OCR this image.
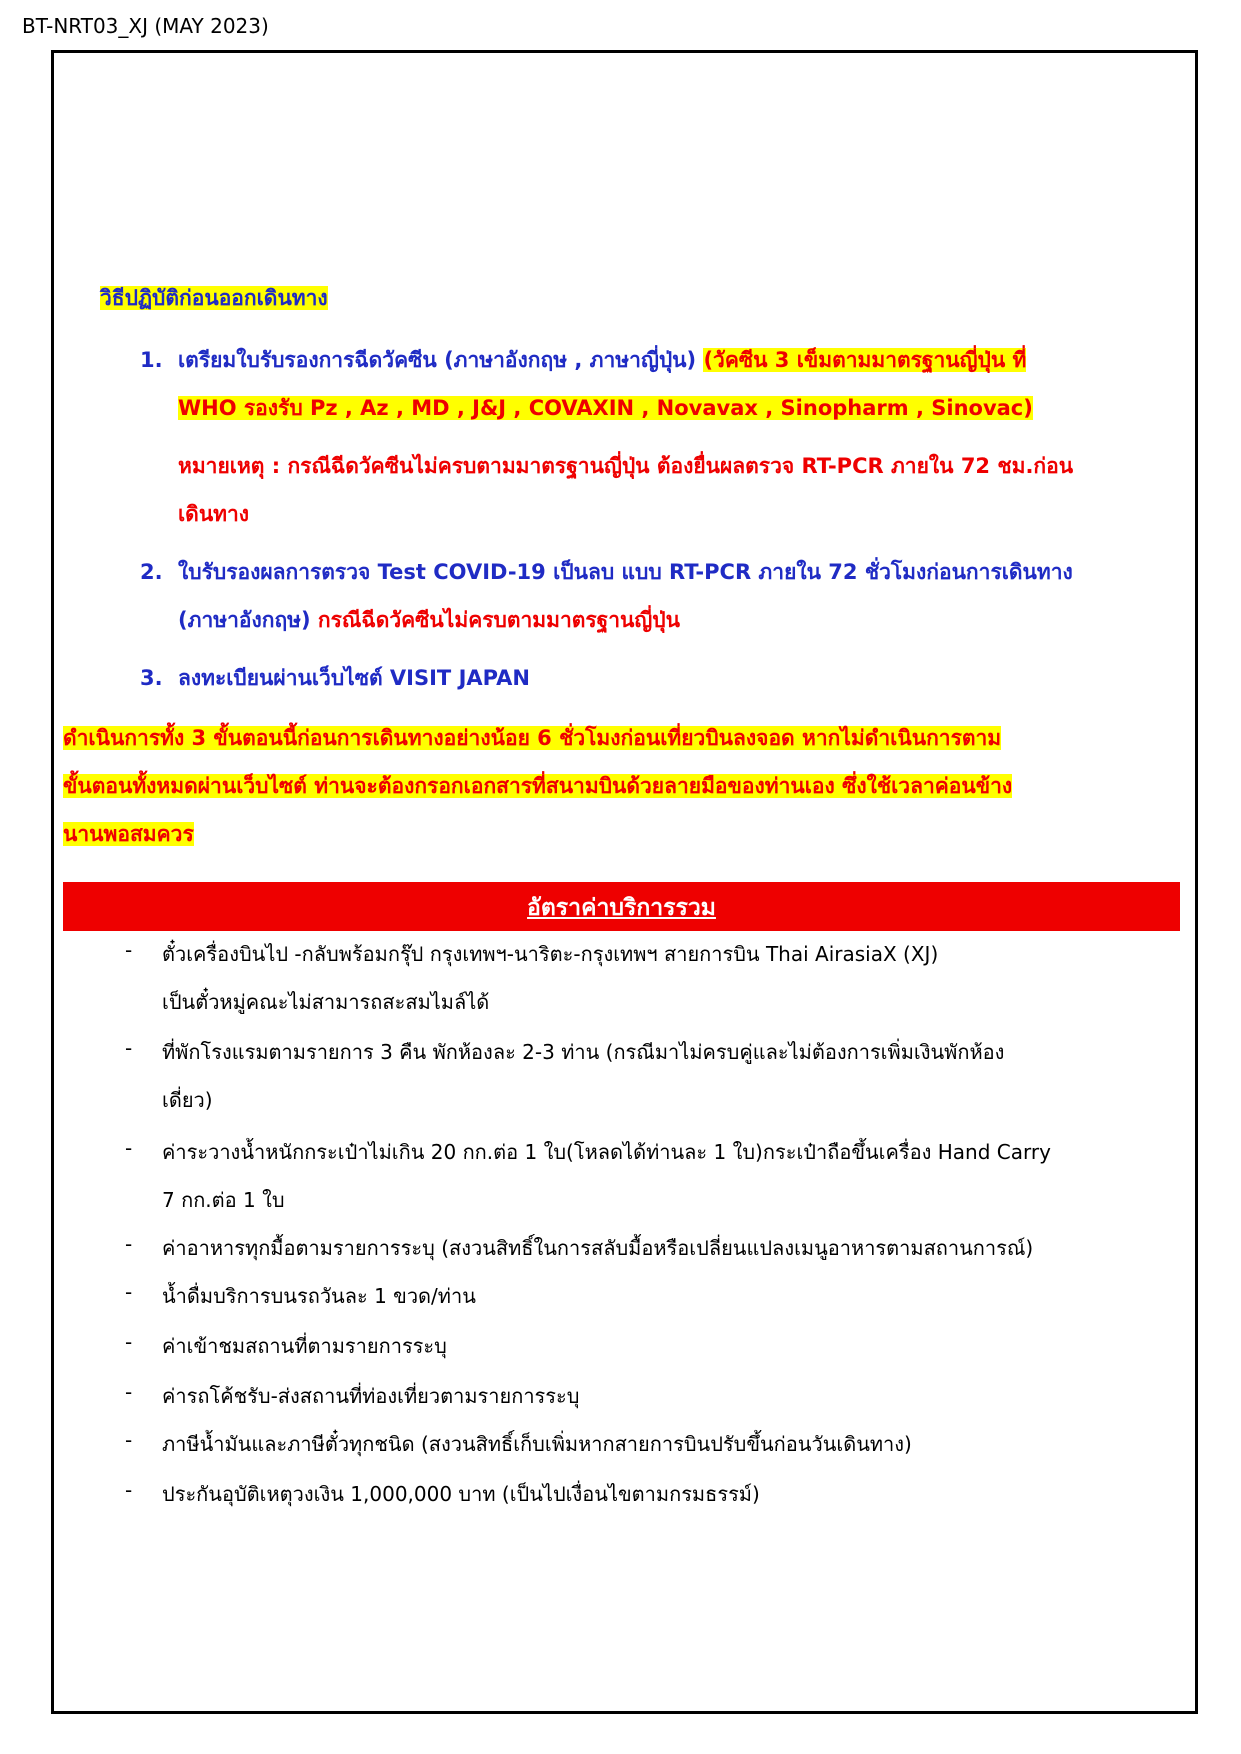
BT-NRT03_XJ (MAY 2023)
วิธีปฏิบัติก่อนออกเดินทาง
1. เตรียมใบรับรองการฉีดวัคซีน (ภาษาอังกฤษ , ภาษาญี่ปุ่น) (วัคซีน 3 เข็มตามมาตรฐานญี่ปุ่น ที่
WHO รองรับ Pz , Az , MD , J&J , COVAXIN , Novavax , Sinopharm , Sinovac)
หมายเหตุ : กรณีฉีดวัคซีนไม่ครบตามมาตรฐานญี่ปุ่น ต้องยื่นผลตรวจ RT-PCR ภายใน 72 ชม.ก่อน
เดินทาง
2. ใบรับรองผลการตรวจ Test COVID-19 เป็นลบ แบบ RT-PCR ภายใน 72 ชั่วโมงก่อนการเดินทาง
(ภาษาอังกฤษ) กรณีฉีดวัคซีนไม่ครบตามมาตรฐานญี่ปุ่น
3. ลงทะเบียนผ่านเว็บไซต์ VISIT JAPAN
ดำเนินการทั้ง 3 ขั้นตอนนี้ก่อนการเดินทางอย่างน้อย 6 ชั่วโมงก่อนเที่ยวบินลงจอด หากไม่ดำเนินการตาม
ขั้นตอนทั้งหมดผ่านเว็บไซต์ ท่านจะต้องกรอกเอกสารที่สนามบินด้วยลายมือของท่านเอง ซึ่งใช้เวลาค่อนข้าง
นานพอสมควร
อัตราค่าบริการรวม
- ตั๋วเครื่องบินไป -กลับพร้อมกรุ๊ป กรุงเทพฯ-นาริตะ-กรุงเทพฯ สายการบิน Thai AirasiaX (XJ)
เป็นตั๋วหมู่คณะไม่สามารถสะสมไมล์ได้
- ที่พักโรงแรมตามรายการ 3 คืน พักห้องละ 2-3 ท่าน (กรณีมาไม่ครบคู่และไม่ต้องการเพิ่มเงินพักห้อง
เดี่ยว)
- ค่าระวางน้ำหนักกระเป๋าไม่เกิน 20 กก.ต่อ 1 ใบ(โหลดได้ท่านละ 1 ใบ)กระเป๋าถือขึ้นเครื่อง Hand Carry
7 กก.ต่อ 1 ใบ
- ค่าอาหารทุกมื้อตามรายการระบุ (สงวนสิทธิ์ในการสลับมื้อหรือเปลี่ยนแปลงเมนูอาหารตามสถานการณ์)
- น้ำดื่มบริการบนรถวันละ 1 ขวด/ท่าน
- ค่าเข้าชมสถานที่ตามรายการระบุ
- ค่ารถโค้ชรับ-ส่งสถานที่ท่องเที่ยวตามรายการระบุ
- ภาษีน้ำมันและภาษีตั๋วทุกชนิด (สงวนสิทธิ์เก็บเพิ่มหากสายการบินปรับขึ้นก่อนวันเดินทาง)
- ประกันอุบัติเหตุวงเงิน 1,000,000 บาท (เป็นไปเงื่อนไขตามกรมธรรม์)
